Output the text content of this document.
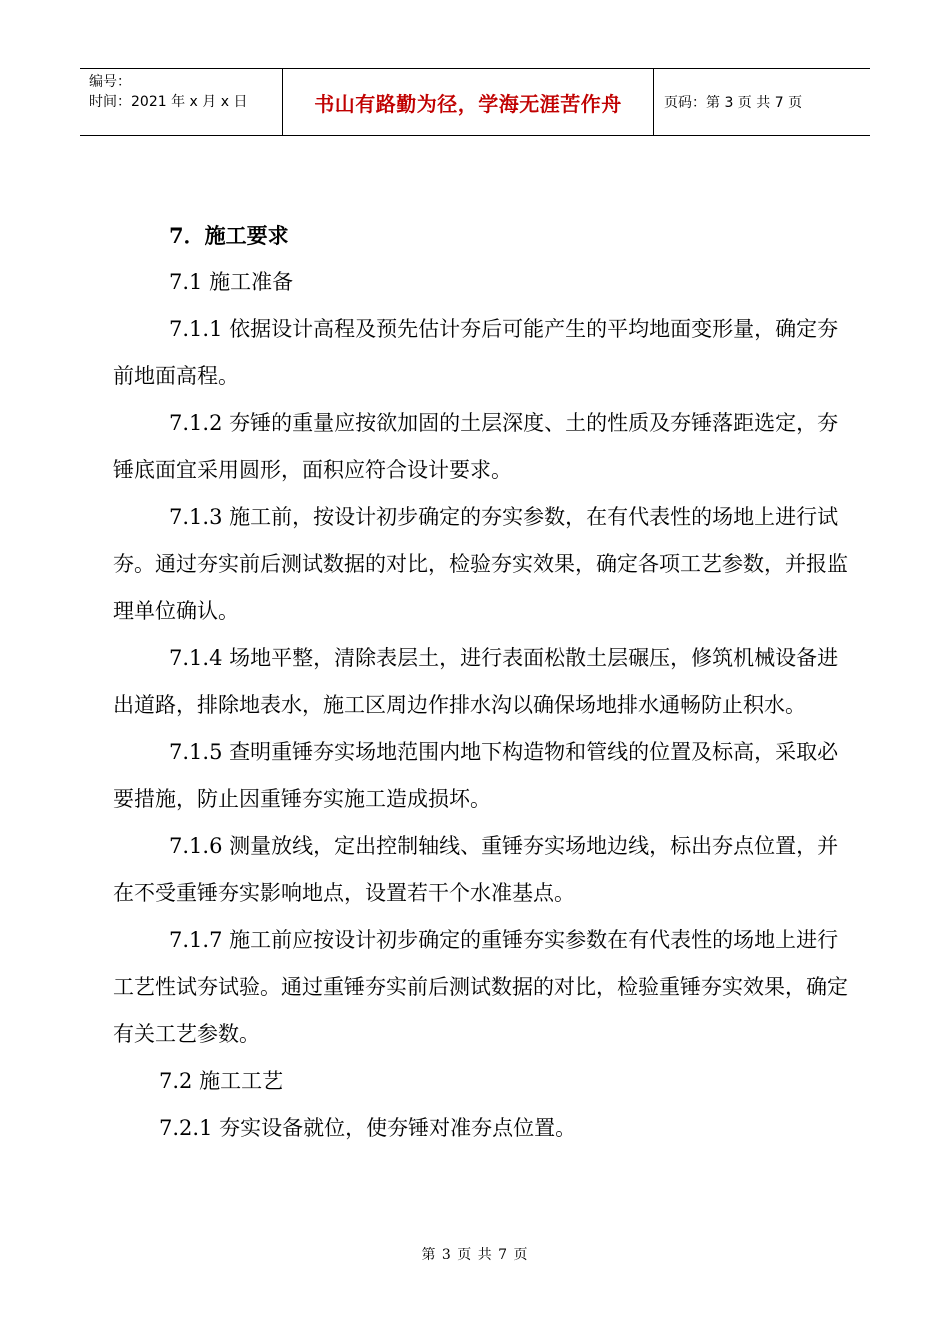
编号：
时间：2021 年 x 月 x 日	书山有路勤为径，学海无涯苦作舟	页码：第 3 页 共 7 页

7．施工要求

7.1 施工准备

7.1.1 依据设计高程及预先估计夯后可能产生的平均地面变形量，确定夯前地面高程。

7.1.2 夯锤的重量应按欲加固的土层深度、土的性质及夯锤落距选定，夯锤底面宜采用圆形，面积应符合设计要求。

7.1.3 施工前，按设计初步确定的夯实参数，在有代表性的场地上进行试夯。通过夯实前后测试数据的对比，检验夯实效果，确定各项工艺参数，并报监理单位确认。

7.1.4 场地平整，清除表层土，进行表面松散土层碾压，修筑机械设备进出道路，排除地表水，施工区周边作排水沟以确保场地排水通畅防止积水。

7.1.5 查明重锤夯实场地范围内地下构造物和管线的位置及标高，采取必要措施，防止因重锤夯实施工造成损坏。

7.1.6 测量放线，定出控制轴线、重锤夯实场地边线，标出夯点位置，并在不受重锤夯实影响地点，设置若干个水准基点。

7.1.7 施工前应按设计初步确定的重锤夯实参数在有代表性的场地上进行工艺性试夯试验。通过重锤夯实前后测试数据的对比，检验重锤夯实效果，确定有关工艺参数。

7.2 施工工艺

7.2.1 夯实设备就位，使夯锤对准夯点位置。

第 3 页 共 7 页
